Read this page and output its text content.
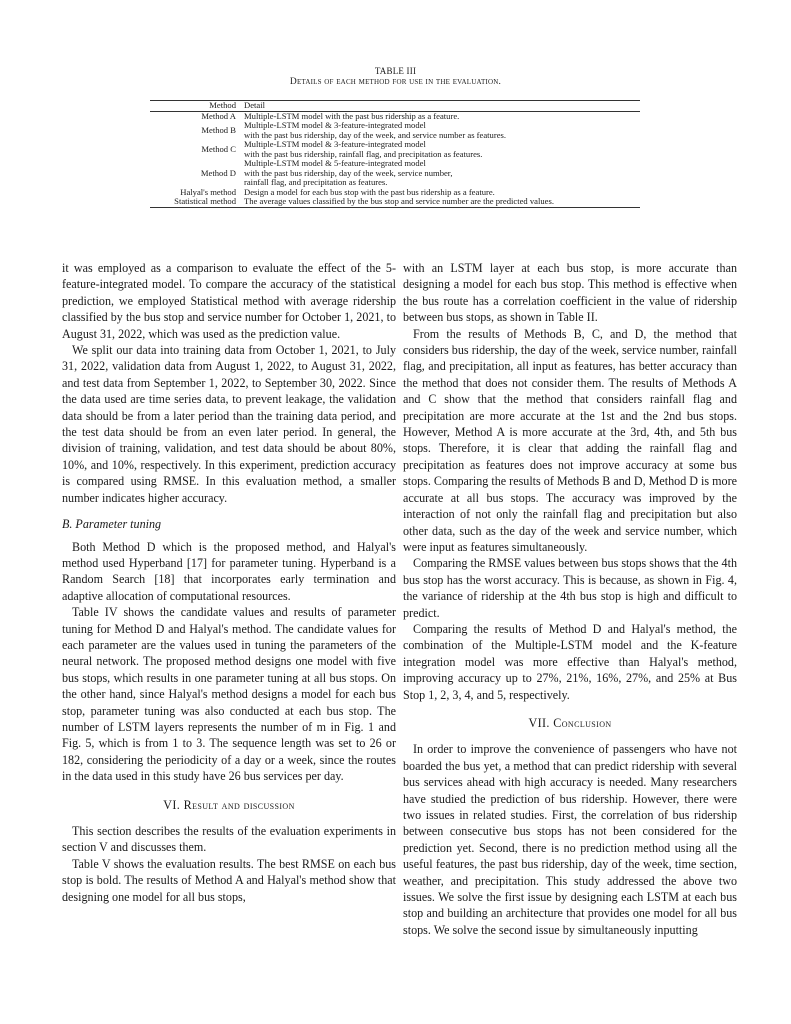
TABLE III
Details of each method for use in the evaluation.
Method	Detail
Method A	Multiple-LSTM model with the past bus ridership as a feature.

Method B	Multiple-LSTM model & 3-feature-integrated model
with the past bus ridership, day of the week, and service number as features.

Method C	Multiple-LSTM model & 3-feature-integrated model
with the past bus ridership, rainfall flag, and precipitation as features.

Method D	Multiple-LSTM model & 5-feature-integrated model
with the past bus ridership, day of the week, service number,
rainfall flag, and precipitation as features.

Halyal's method	Design a model for each bus stop with the past bus ridership as a feature.

Statistical method	The average values classified by the bus stop and service number are the predicted values.

it was employed as a comparison to evaluate the effect of the 5-feature-integrated model. To compare the accuracy of the statistical prediction, we employed Statistical method with average ridership classified by the bus stop and service number for October 1, 2021, to August 31, 2022, which was used as the prediction value.

We split our data into training data from October 1, 2021, to July 31, 2022, validation data from August 1, 2022, to August 31, 2022, and test data from September 1, 2022, to September 30, 2022. Since the data used are time series data, to prevent leakage, the validation data should be from a later period than the training data period, and the test data should be from an even later period. In general, the division of training, validation, and test data should be about 80%, 10%, and 10%, respectively. In this experiment, prediction accuracy is compared using RMSE. In this evaluation method, a smaller number indicates higher accuracy.

B. Parameter tuning

Both Method D which is the proposed method, and Halyal's method used Hyperband [17] for parameter tuning. Hyperband is a Random Search [18] that incorporates early termination and adaptive allocation of computational resources.

Table IV shows the candidate values and results of parameter tuning for Method D and Halyal's method. The candidate values for each parameter are the values used in tuning the parameters of the neural network. The proposed method designs one model with five bus stops, which results in one parameter tuning at all bus stops. On the other hand, since Halyal's method designs a model for each bus stop, parameter tuning was also conducted at each bus stop. The number of LSTM layers represents the number of m in Fig. 1 and Fig. 5, which is from 1 to 3. The sequence length was set to 26 or 182, considering the periodicity of a day or a week, since the routes in the data used in this study have 26 bus services per day.

VI. Result and discussion

This section describes the results of the evaluation experiments in section V and discusses them.

Table V shows the evaluation results. The best RMSE on each bus stop is bold. The results of Method A and Halyal's method show that designing one model for all bus stops,

with an LSTM layer at each bus stop, is more accurate than designing a model for each bus stop. This method is effective when the bus route has a correlation coefficient in the value of ridership between bus stops, as shown in Table II.

From the results of Methods B, C, and D, the method that considers bus ridership, the day of the week, service number, rainfall flag, and precipitation, all input as features, has better accuracy than the method that does not consider them. The results of Methods A and C show that the method that considers rainfall flag and precipitation are more accurate at the 1st and the 2nd bus stops. However, Method A is more accurate at the 3rd, 4th, and 5th bus stops. Therefore, it is clear that adding the rainfall flag and precipitation as features does not improve accuracy at some bus stops. Comparing the results of Methods B and D, Method D is more accurate at all bus stops. The accuracy was improved by the interaction of not only the rainfall flag and precipitation but also other data, such as the day of the week and service number, which were input as features simultaneously.

Comparing the RMSE values between bus stops shows that the 4th bus stop has the worst accuracy. This is because, as shown in Fig. 4, the variance of ridership at the 4th bus stop is high and difficult to predict.

Comparing the results of Method D and Halyal's method, the combination of the Multiple-LSTM model and the K-feature integration model was more effective than Halyal's method, improving accuracy up to 27%, 21%, 16%, 27%, and 25% at Bus Stop 1, 2, 3, 4, and 5, respectively.

VII. Conclusion

In order to improve the convenience of passengers who have not boarded the bus yet, a method that can predict ridership with several bus services ahead with high accuracy is needed. Many researchers have studied the prediction of bus ridership. However, there were two issues in related studies. First, the correlation of bus ridership between consecutive bus stops has not been considered for the prediction yet. Second, there is no prediction method using all the useful features, the past bus ridership, day of the week, time section, weather, and precipitation. This study addressed the above two issues. We solve the first issue by designing each LSTM at each bus stop and building an architecture that provides one model for all bus stops. We solve the second issue by simultaneously inputting
